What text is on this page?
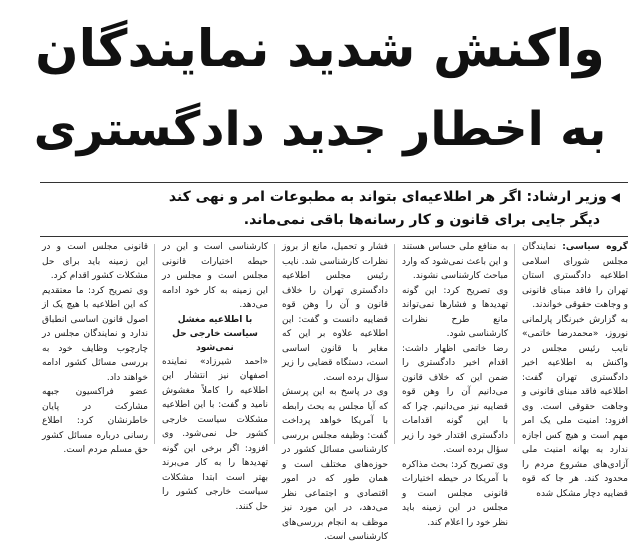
واکنش شدید نمایندگان
به اخطار جدید دادگستری
◀وزیر ارشاد: اگر هر اطلاعیه‌ای بتواند به مطبوعات امر و نهی کند
دیگر جایی برای قانون و کار رسانه‌ها باقی نمی‌ماند.

گروه سیاسی: نمایندگان مجلس شورای اسلامی اطلاعیه دادگستری استان تهران را فاقد مبنای قانونی و وجاهت حقوقی خواندند.

به گزارش خبرنگار پارلمانی نوروز، «محمدرضا خاتمی» نایب رئیس مجلس در واکنش به اطلاعیه اخیر دادگستری تهران گفت: اطلاعیه فاقد مبنای قانونی و وجاهت حقوقی است. وی افزود: امنیت ملی یک امر مهم است و هیچ کس اجازه ندارد به بهانه امنیت ملی آزادی‌های مشروع مردم را محدود کند. هر جا که قوه قضاییه دچار مشکل شده

به منافع ملی حساس هستند و این باعث نمی‌شود که وارد مباحث کارشناسی نشوند.

وی تصریح کرد: این گونه تهدیدها و فشارها نمی‌تواند مانع طرح نظرات کارشناسی شود.

رضا خاتمی اظهار داشت: اقدام اخیر دادگستری را ضمن این که خلاف قانون می‌دانیم آن را وهن قوه قضاییه نیز می‌دانیم. چرا که با این گونه اقدامات دادگستری اقتدار خود را زیر سؤال برده است.

وی تصریح کرد: بحث مذاکره با آمریکا در حیطه اختیارات قانونی مجلس است و مجلس در این زمینه باید نظر خود را اعلام کند.

فشار و تحمیل، مانع از بروز نظرات کارشناسی شد. نایب رئیس مجلس اطلاعیه دادگستری تهران را خلاف قانون و آن را وهن قوه قضاییه دانست و گفت: این اطلاعیه علاوه بر این که مغایر با قانون اساسی است، دستگاه قضایی را زیر سؤال برده است.

وی در پاسخ به این پرسش که آیا مجلس به بحث رابطه با آمریکا خواهد پرداخت گفت: وظیفه مجلس بررسی کارشناسی مسائل کشور در حوزه‌های مختلف است و همان طور که در امور اقتصادی و اجتماعی نظر می‌دهد، در این مورد نیز موظف به انجام بررسی‌های کارشناسی است.

کارشناسی است و این در حیطه اختیارات قانونی مجلس است و مجلس در این زمینه به کار خود ادامه می‌دهد.

با اطلاعیه مغشل سیاست خارجی حل نمی‌شود

«احمد شیرزاد» نماینده اصفهان نیز انتشار این اطلاعیه را کاملاً مغشوش نامید و گفت: با این اطلاعیه مشکلات سیاست خارجی کشور حل نمی‌شود. وی افزود: اگر برخی این گونه تهدیدها را به کار می‌برند بهتر است ابتدا مشکلات سیاست خارجی کشور را حل کنند.

قانونی مجلس است و در این زمینه باید برای حل مشکلات کشور اقدام کرد.

وی تصریح کرد: ما معتقدیم که این اطلاعیه با هیچ یک از اصول قانون اساسی انطباق ندارد و نمایندگان مجلس در چارچوب وظایف خود به بررسی مسائل کشور ادامه خواهند داد.

عضو فراکسیون جبهه مشارکت در پایان خاطرنشان کرد: اطلاع رسانی درباره مسائل کشور حق مسلم مردم است.
